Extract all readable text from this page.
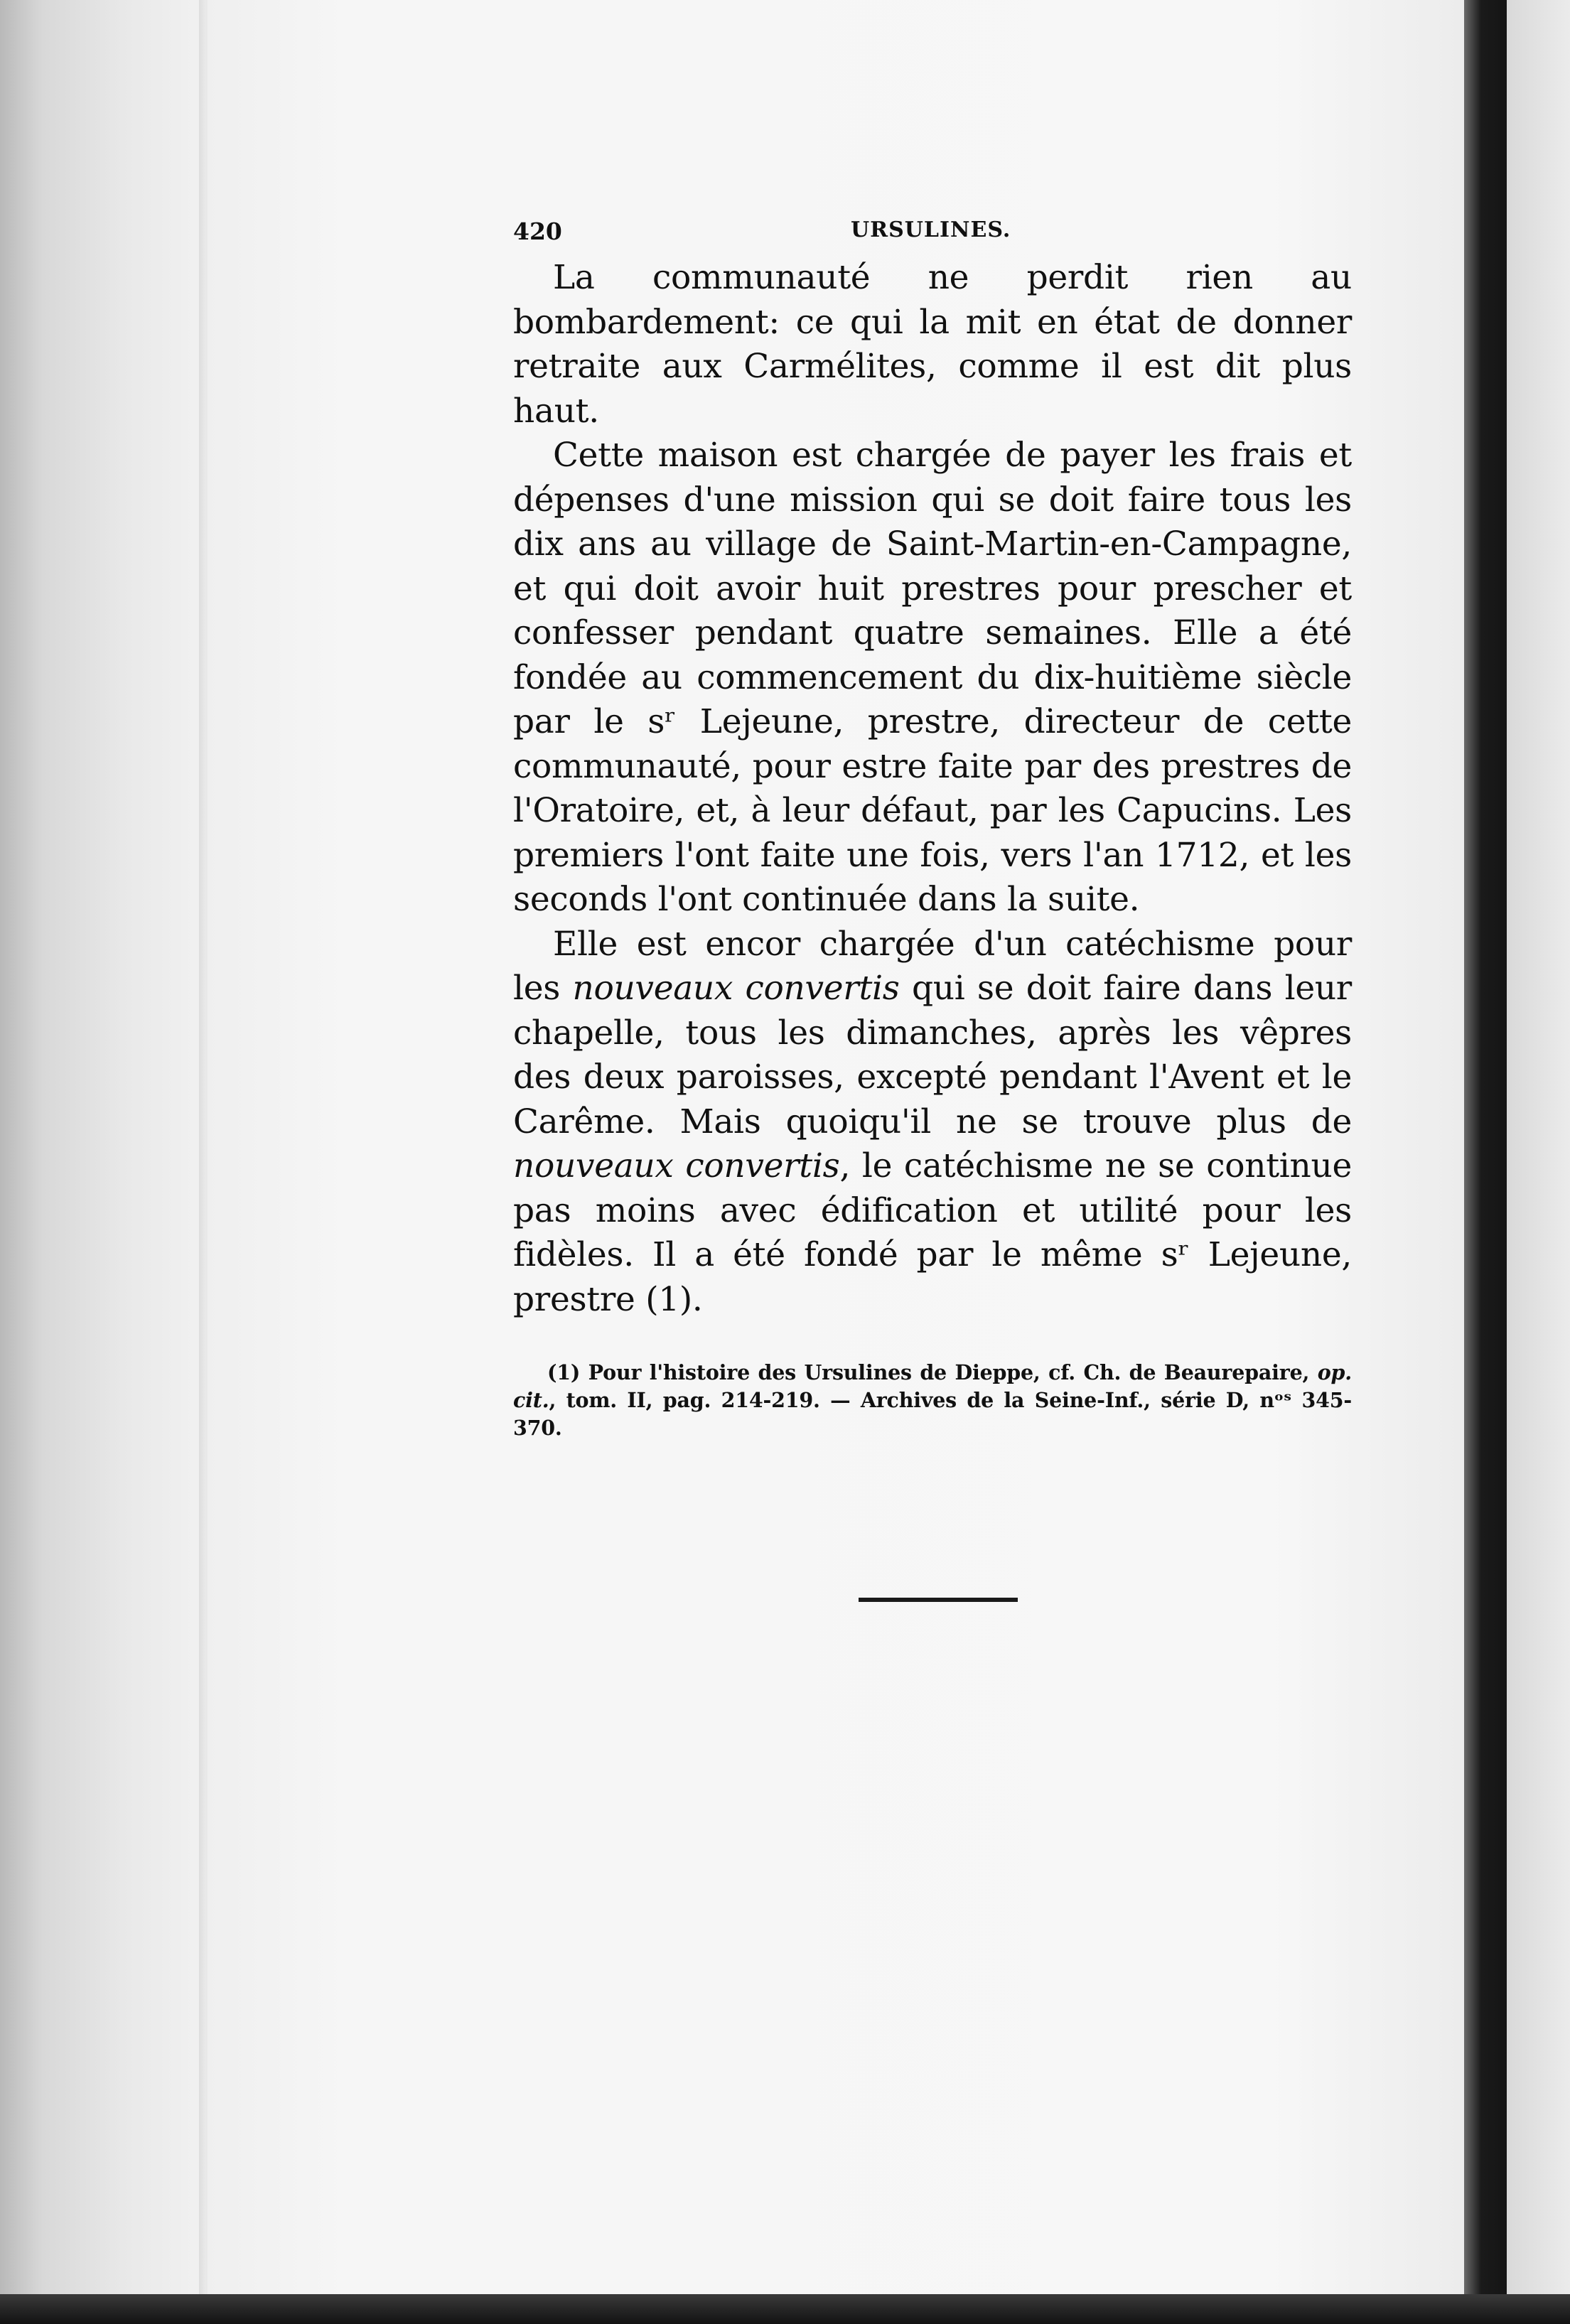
420	URSULINES.

La communauté ne perdit rien au bombardement: ce qui la mit en état de donner retraite aux Carmélites, comme il est dit plus haut.

Cette maison est chargée de payer les frais et dépenses d'une mission qui se doit faire tous les dix ans au village de Saint-Martin-en-Campagne, et qui doit avoir huit prestres pour prescher et confesser pendant quatre semaines. Elle a été fondée au commencement du dix-huitième siècle par le sʳ Lejeune, prestre, directeur de cette communauté, pour estre faite par des prestres de l'Oratoire, et, à leur défaut, par les Capucins. Les premiers l'ont faite une fois, vers l'an 1712, et les seconds l'ont continuée dans la suite.

Elle est encor chargée d'un catéchisme pour les nouveaux convertis qui se doit faire dans leur chapelle, tous les dimanches, après les vêpres des deux paroisses, excepté pendant l'Avent et le Carême. Mais quoiqu'il ne se trouve plus de nouveaux convertis, le catéchisme ne se continue pas moins avec édification et utilité pour les fidèles. Il a été fondé par le même sʳ Lejeune, prestre (1).

(1) Pour l'histoire des Ursulines de Dieppe, cf. Ch. de Beaurepaire, op. cit., tom. II, pag. 214-219. — Archives de la Seine-Inf., série D, nᵒˢ 345-370.
